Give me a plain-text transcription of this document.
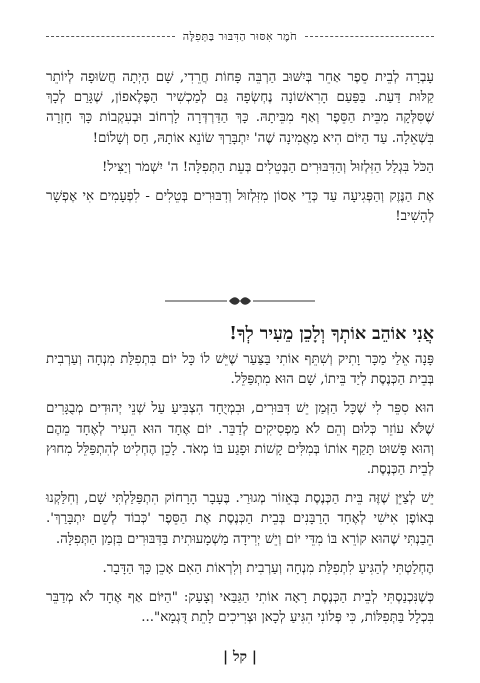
חֹמֶר אִסּוּר הַדִּבּוּר בַּתְּפִלָּה

עָבְרָה לְבֵית סֵפֶר אַחֵר בְּיִשּׁוּב הַרְבֵּה פָּחוֹת חֲרֵדִי, שָׁם הָיְתָה חֲשׂוּפָה לְיוֹתֵר קַלּוּת דַּעַת. בַּפַּעַם הָרִאשׁוֹנָה נֶחְשְׂפָה גַּם לְמַכְשִׁיר הַפֶּלֶאפוֹן, שֶׁגָּרַם לְכָךְ שֶׁסִּלְּקָה מִבֵּית הַסֵּפֶר וְאַף מִבֵּיתָהּ. כָּךְ הַדַּרְדְּרָה לָרְחוֹב וּבְעִקְבוֹת כָּךְ חָזְרָה בִּשְׁאֵלָה. עַד הַיּוֹם הִיא מַאֲמִינָה שֶׁה' יִתְבָּרַךְ שׂוֹנֵא אוֹתָהּ, חַס וְשָׁלוֹם!

הַכֹּל בִּגְלַל הַזִּלְזוּל וְהַדִּבּוּרִים הַבְּטֵלִים בְּעֵת הַתְּפִלָּה! ה' יִשְׁמֹר וְיַצִּיל!

אֶת הַנֶּזֶק וְהַפְּגִיעָה עַד כְּדֵי אָסוֹן מִזִּלְזוּל וְדִבּוּרִים בְּטֵלִים - לִפְעָמִים אִי אֶפְשָׁר לְהָשִׁיב!

אֲנִי אוֹהֵב אוֹתְךָ וְלָכֵן מֵעִיר לְךָ!

פָּנָה אֵלַי מַכָּר וָתִיק וְשִׁתֵּף אוֹתִי בַּצַּעַר שֶׁיֵּשׁ לוֹ כָּל יוֹם בִּתְפִלַּת מִנְחָה וְעַרְבִית בְּבֵית הַכְּנֶסֶת לְיַד בֵּיתוֹ, שָׁם הוּא מִתְפַּלֵּל.

הוּא סִפֵּר לִי שֶׁכָּל הַזְּמַן יֵשׁ דִּבּוּרִים, וּבִמְיֻחָד הִצְבִּיעַ עַל שְׁנֵי יְהוּדִים מְבֻגָּרִים שֶׁלֹּא עוֹזֵר כְּלוּם וְהֵם לֹא מַפְסִיקִים לְדַבֵּר. יוֹם אֶחָד הוּא הֵעִיר לְאֶחָד מֵהֶם וְהוּא פָּשׁוּט תָּקַף אוֹתוֹ בְּמִלִּים קָשׁוֹת וּפָגַע בּוֹ מְאֹד. לָכֵן הֶחְלִיט לְהִתְפַּלֵּל מִחוּץ לְבֵית הַכְּנֶסֶת.

יֵשׁ לְצַיֵּן שֶׁזֶּה בֵּית הַכְּנֶסֶת בְּאֵזוֹר מְגוּרַי. בֶּעָבָר הָרָחוֹק הִתְפַּלַּלְתִּי שָׁם, וְחִלַּקְנוּ בְּאוֹפֶן אִישִׁי לְאֶחָד הָרַבָּנִים בְּבֵית הַכְּנֶסֶת אֶת הַסֵּפֶר 'כְּבוֹד לְשֵׁם יִתְבָּרַךְ'. הֵבַנְתִּי שֶׁהוּא קוֹרֵא בּוֹ מִדֵּי יוֹם וְיֵשׁ יְרִידָה מַשְׁמָעוּתִית בַּדִּבּוּרִים בִּזְמַן הַתְּפִלָּה.

הֶחְלַטְתִּי לְהַגִּיעַ לִתְפִלַּת מִנְחָה וְעַרְבִית וְלִרְאוֹת הַאִם אָכֵן כָּךְ הַדָּבָר.

כְּשֶׁנִּכְנַסְתִּי לְבֵית הַכְּנֶסֶת רָאָה אוֹתִי הַגַּבַּאי וְצָעַק: "הַיּוֹם אַף אֶחָד לֹא מְדַבֵּר בִּכְלָל בַּתְּפִלּוֹת, כִּי פְּלוֹנִי הִגִּיעַ לְכָאן וּצְרִיכִים לָתֵת דֻּגְמָא"...

| קל |
